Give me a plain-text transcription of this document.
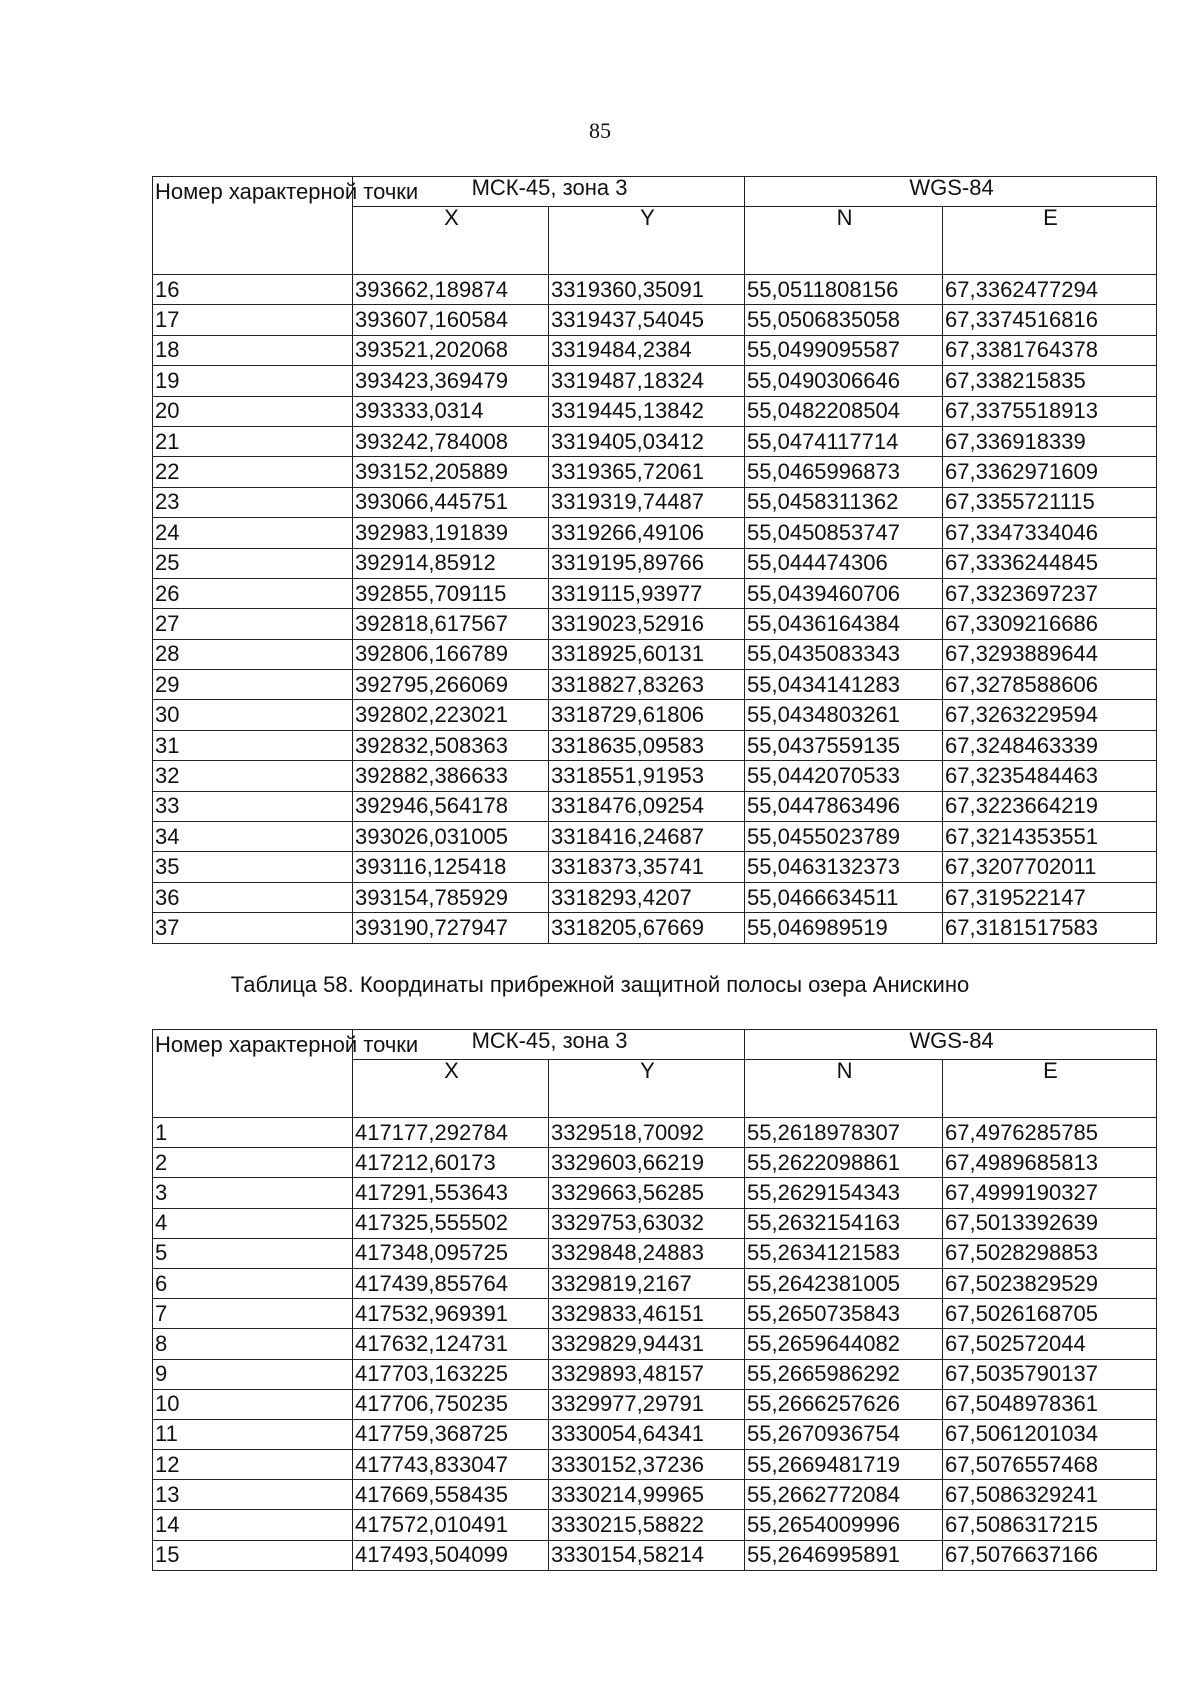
85
Номер характерной точки	МСК-45, зона 3		WGS-84	
	X	Y	N	E
16	393662,189874	3319360,35091	55,0511808156	67,3362477294
17	393607,160584	3319437,54045	55,0506835058	67,3374516816
18	393521,202068	3319484,2384	55,0499095587	67,3381764378
19	393423,369479	3319487,18324	55,0490306646	67,338215835
20	393333,0314	3319445,13842	55,0482208504	67,3375518913
21	393242,784008	3319405,03412	55,0474117714	67,336918339
22	393152,205889	3319365,72061	55,0465996873	67,3362971609
23	393066,445751	3319319,74487	55,0458311362	67,3355721115
24	392983,191839	3319266,49106	55,0450853747	67,3347334046
25	392914,85912	3319195,89766	55,044474306	67,3336244845
26	392855,709115	3319115,93977	55,0439460706	67,3323697237
27	392818,617567	3319023,52916	55,0436164384	67,3309216686
28	392806,166789	3318925,60131	55,0435083343	67,3293889644
29	392795,266069	3318827,83263	55,0434141283	67,3278588606
30	392802,223021	3318729,61806	55,0434803261	67,3263229594
31	392832,508363	3318635,09583	55,0437559135	67,3248463339
32	392882,386633	3318551,91953	55,0442070533	67,3235484463
33	392946,564178	3318476,09254	55,0447863496	67,3223664219
34	393026,031005	3318416,24687	55,0455023789	67,3214353551
35	393116,125418	3318373,35741	55,0463132373	67,3207702011
36	393154,785929	3318293,4207	55,0466634511	67,319522147
37	393190,727947	3318205,67669	55,046989519	67,3181517583
Таблица 58. Координаты прибрежной защитной полосы озера Анискино
Номер характерной точки	МСК-45, зона 3		WGS-84	
	X	Y	N	E
1	417177,292784	3329518,70092	55,2618978307	67,4976285785
2	417212,60173	3329603,66219	55,2622098861	67,4989685813
3	417291,553643	3329663,56285	55,2629154343	67,4999190327
4	417325,555502	3329753,63032	55,2632154163	67,5013392639
5	417348,095725	3329848,24883	55,2634121583	67,5028298853
6	417439,855764	3329819,2167	55,2642381005	67,5023829529
7	417532,969391	3329833,46151	55,2650735843	67,5026168705
8	417632,124731	3329829,94431	55,2659644082	67,502572044
9	417703,163225	3329893,48157	55,2665986292	67,5035790137
10	417706,750235	3329977,29791	55,2666257626	67,5048978361
11	417759,368725	3330054,64341	55,2670936754	67,5061201034
12	417743,833047	3330152,37236	55,2669481719	67,5076557468
13	417669,558435	3330214,99965	55,2662772084	67,5086329241
14	417572,010491	3330215,58822	55,2654009996	67,5086317215
15	417493,504099	3330154,58214	55,2646995891	67,5076637166
